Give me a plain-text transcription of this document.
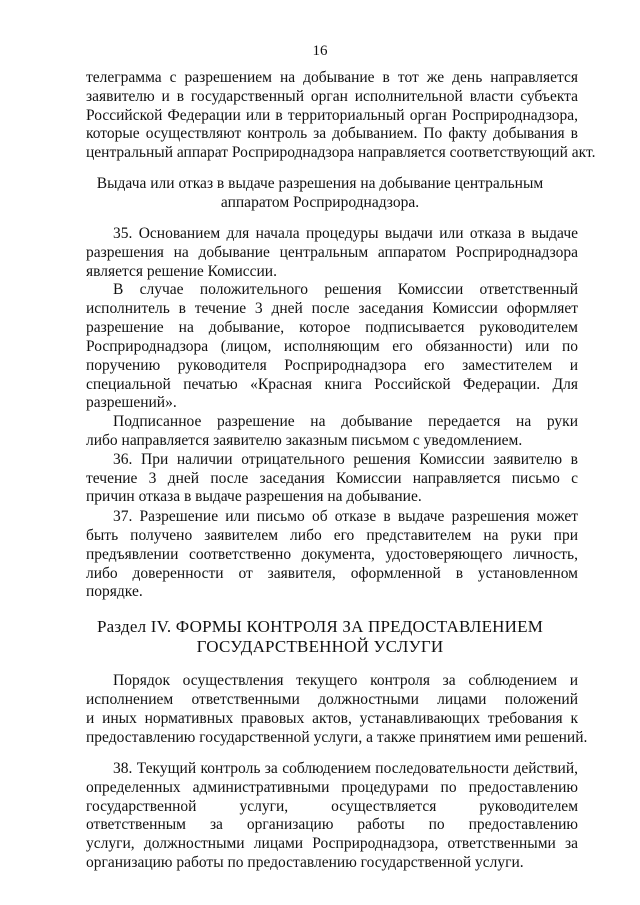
16
телеграмма с разрешением на добывание в тот же день направляется
заявителю и в государственный орган исполнительной власти субъекта
Российской Федерации или в территориальный орган Росприроднадзора,
которые осуществляют контроль за добыванием. По факту добывания в
центральный аппарат Росприроднадзора направляется соответствующий акт.
Выдача или отказ в выдаче разрешения на добывание центральным
аппаратом Росприроднадзора.
35. Основанием для начала процедуры выдачи или отказа в выдаче
разрешения на добывание центральным аппаратом Росприроднадзора
является решение Комиссии.
В случае положительного решения Комиссии ответственный
исполнитель в течение 3 дней после заседания Комиссии оформляет
разрешение на добывание, которое подписывается руководителем
Росприроднадзора (лицом, исполняющим его обязанности) или по
поручению руководителя Росприроднадзора его заместителем и
специальной печатью «Красная книга Российской Федерации. Для
разрешений».
Подписанное разрешение на добывание передается на руки
либо направляется заявителю заказным письмом с уведомлением.
36. При наличии отрицательного решения Комиссии заявителю в
течение 3 дней после заседания Комиссии направляется письмо с
причин отказа в выдаче разрешения на добывание.
37. Разрешение или письмо об отказе в выдаче разрешения может
быть получено заявителем либо его представителем на руки при
предъявлении соответственно документа, удостоверяющего личность,
либо доверенности от заявителя, оформленной в установленном
порядке.
Раздел IV. ФОРМЫ КОНТРОЛЯ ЗА ПРЕДОСТАВЛЕНИЕМ
ГОСУДАРСТВЕННОЙ УСЛУГИ
Порядок осуществления текущего контроля за соблюдением и
исполнением ответственными должностными лицами положений
и иных нормативных правовых актов, устанавливающих требования к
предоставлению государственной услуги, а также принятием ими решений.
38. Текущий контроль за соблюдением последовательности действий,
определенных административными процедурами по предоставлению
государственной услуги, осуществляется руководителем
ответственным за организацию работы по предоставлению
услуги, должностными лицами Росприроднадзора, ответственными за
организацию работы по предоставлению государственной услуги.
